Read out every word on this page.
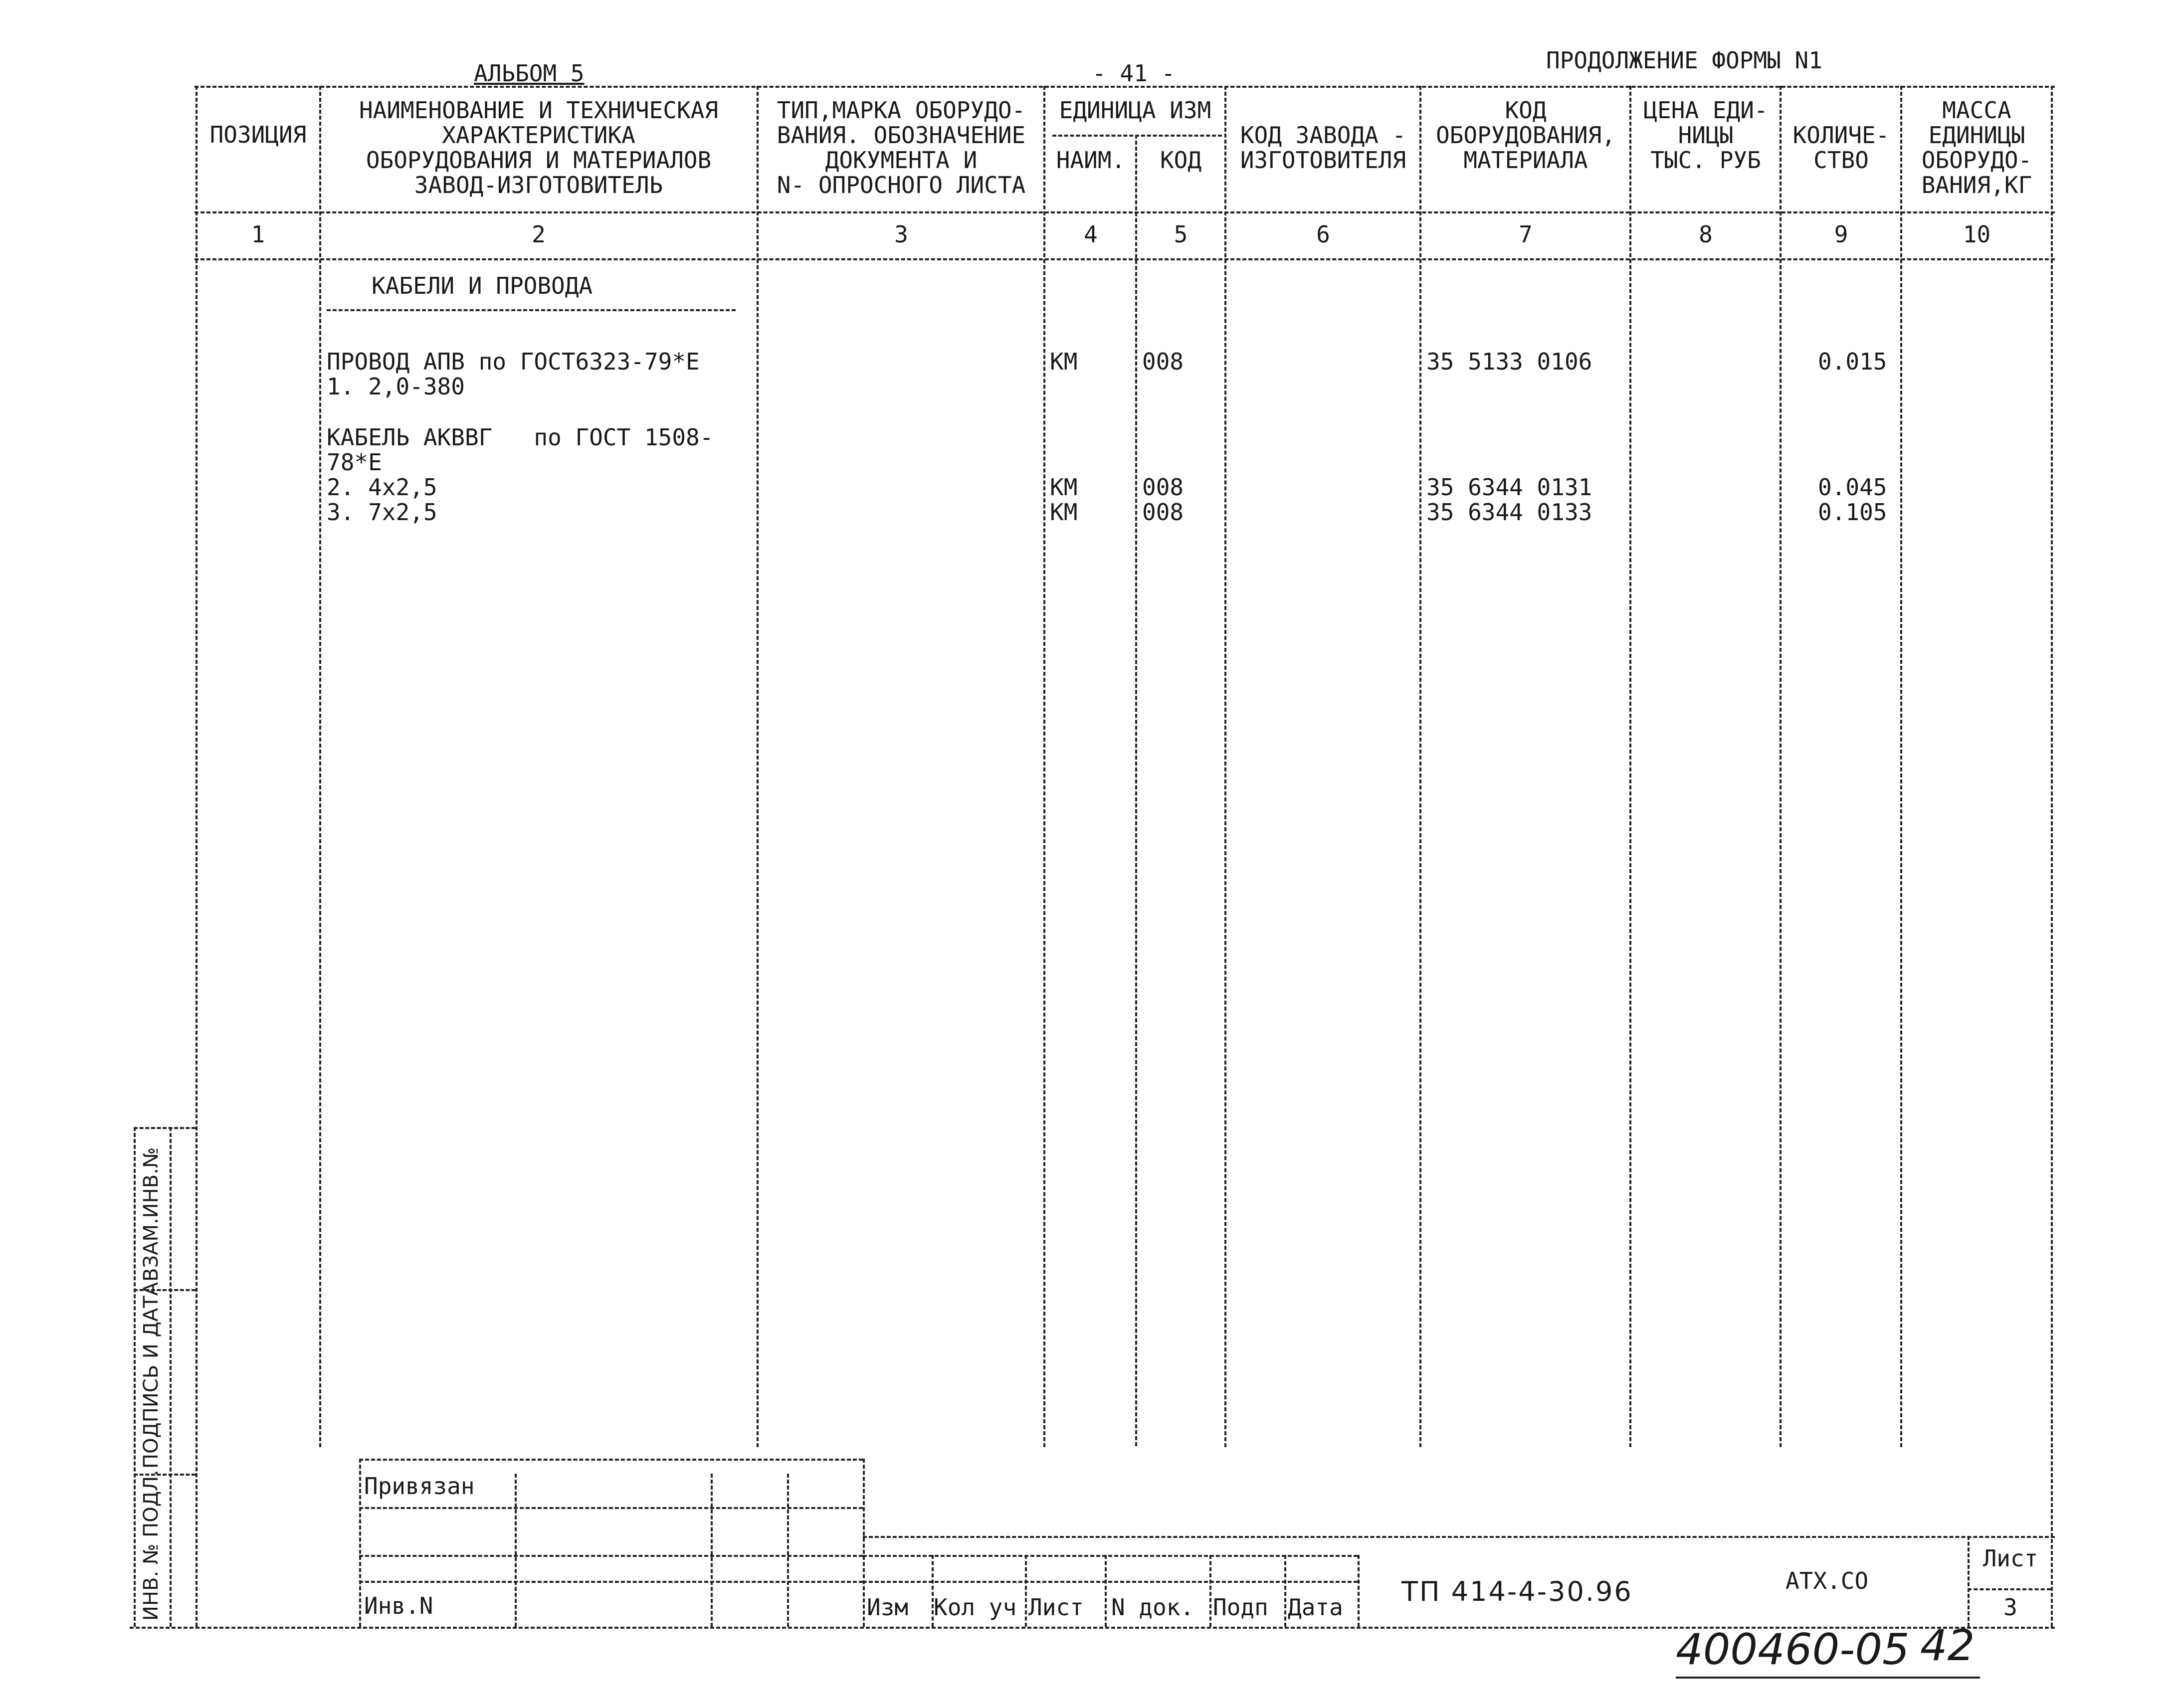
АЛЬБОМ 5	- 41 -	ПРОДОЛЖЕНИЕ ФОРМЫ N1
ПОЗИЦИЯ
НАИМЕНОВАНИЕ И ТЕХНИЧЕСКАЯ
ХАРАКТЕРИСТИКА
ОБОРУДОВАНИЯ И МАТЕРИАЛОВ
ЗАВОД-ИЗГОТОВИТЕЛЬ
ТИП,МАРКА ОБОРУДО-
ВАНИЯ. ОБОЗНАЧЕНИЕ
ДОКУМЕНТА И
N- ОПРОСНОГО ЛИСТА
ЕДИНИЦА ИЗМ
НАИМ.	КОД
КОД ЗАВОДА -
ИЗГОТОВИТЕЛЯ
КОД
ОБОРУДОВАНИЯ,
МАТЕРИАЛА
ЦЕНА ЕДИ-
НИЦЫ
ТЫС. РУБ
КОЛИЧЕ-
СТВО
МАССА
ЕДИНИЦЫ
ОБОРУДО-
ВАНИЯ,КГ
1	2	3	4	5	6	7	8	9	10
КАБЕЛИ И ПРОВОДА
ПРОВОД АПВ по ГОСТ6323-79*Е
1. 2,0-380
КМ	008	35 5133 0106	0.015
КАБЕЛЬ АКВВГ   по ГОСТ 1508-
78*Е
2. 4х2,5	КМ	008	35 6344 0131	0.045
3. 7х2,5	КМ	008	35 6344 0133	0.105
ВЗАМ.ИНВ.№
ПОДПИСЬ И ДАТА
ИНВ. № ПОДЛ.	Привязан
Инв.N	Изм Кол уч Лист N док. Подп Дата ТП 414-4-30.96	АТХ.СО
Лист
3
400460-05 42
